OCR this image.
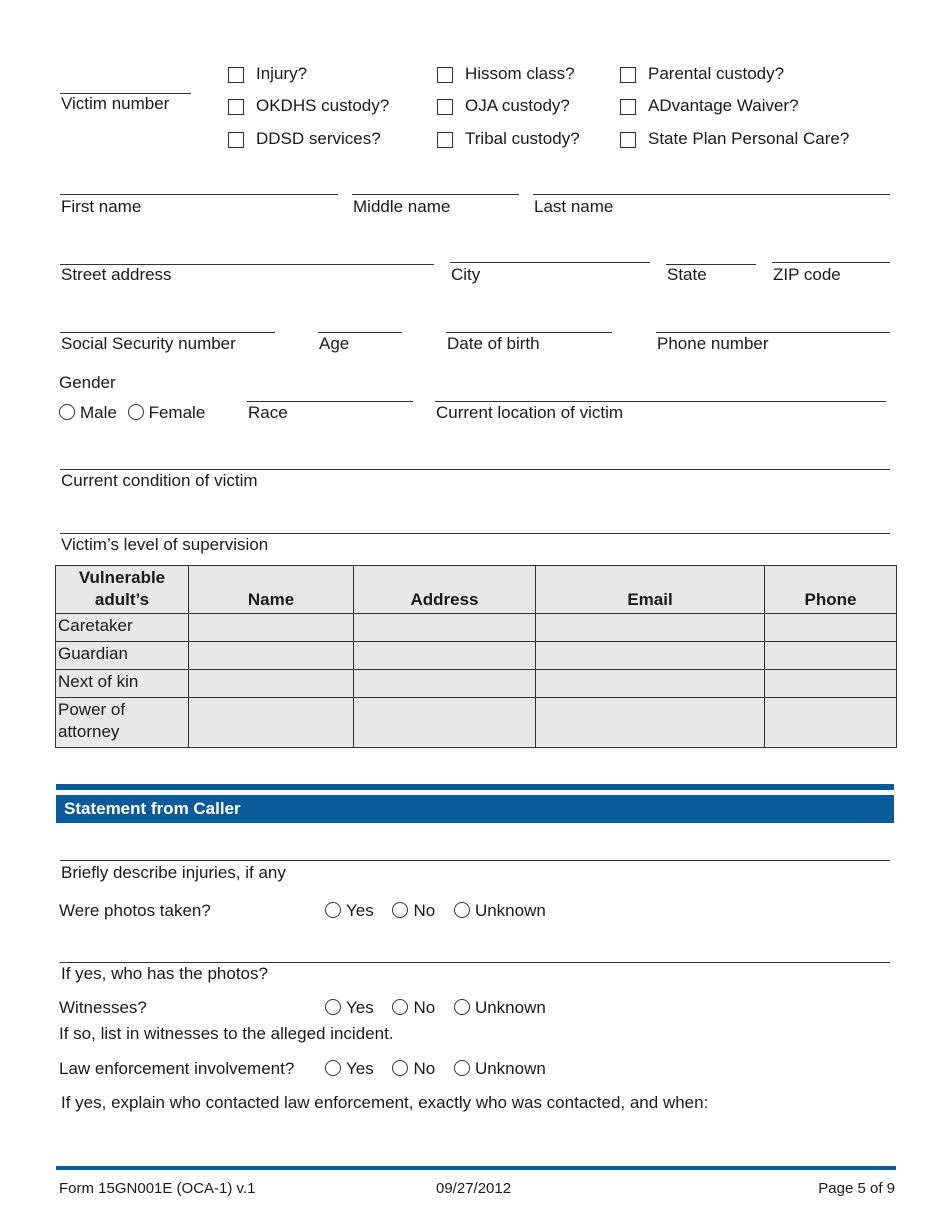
Victim number
Injury?
OKDHS custody?
DDSD services?
Hissom class?
OJA custody?
Tribal custody?
Parental custody?
ADvantage Waiver?
State Plan Personal Care?
First name	Middle name	Last name
Street address	City	State	ZIP code
Social Security number	Age	Date of birth	Phone number
Gender
Male Female	Race	Current location of victim
Current condition of victim
Victim’s level of supervision
Vulnerable adult’s	Name	Address	Email	Phone
Caretaker				
Guardian				
Next of kin				
Power of attorney				
Statement from Caller
Briefly describe injuries, if any
Were photos taken?	Yes No Unknown
If yes, who has the photos?
Witnesses?	Yes No Unknown
If so, list in witnesses to the alleged incident.
Law enforcement involvement?	Yes No Unknown
If yes, explain who contacted law enforcement, exactly who was contacted, and when:
Form 15GN001E (OCA-1) v.1	09/27/2012	Page 5 of 9
